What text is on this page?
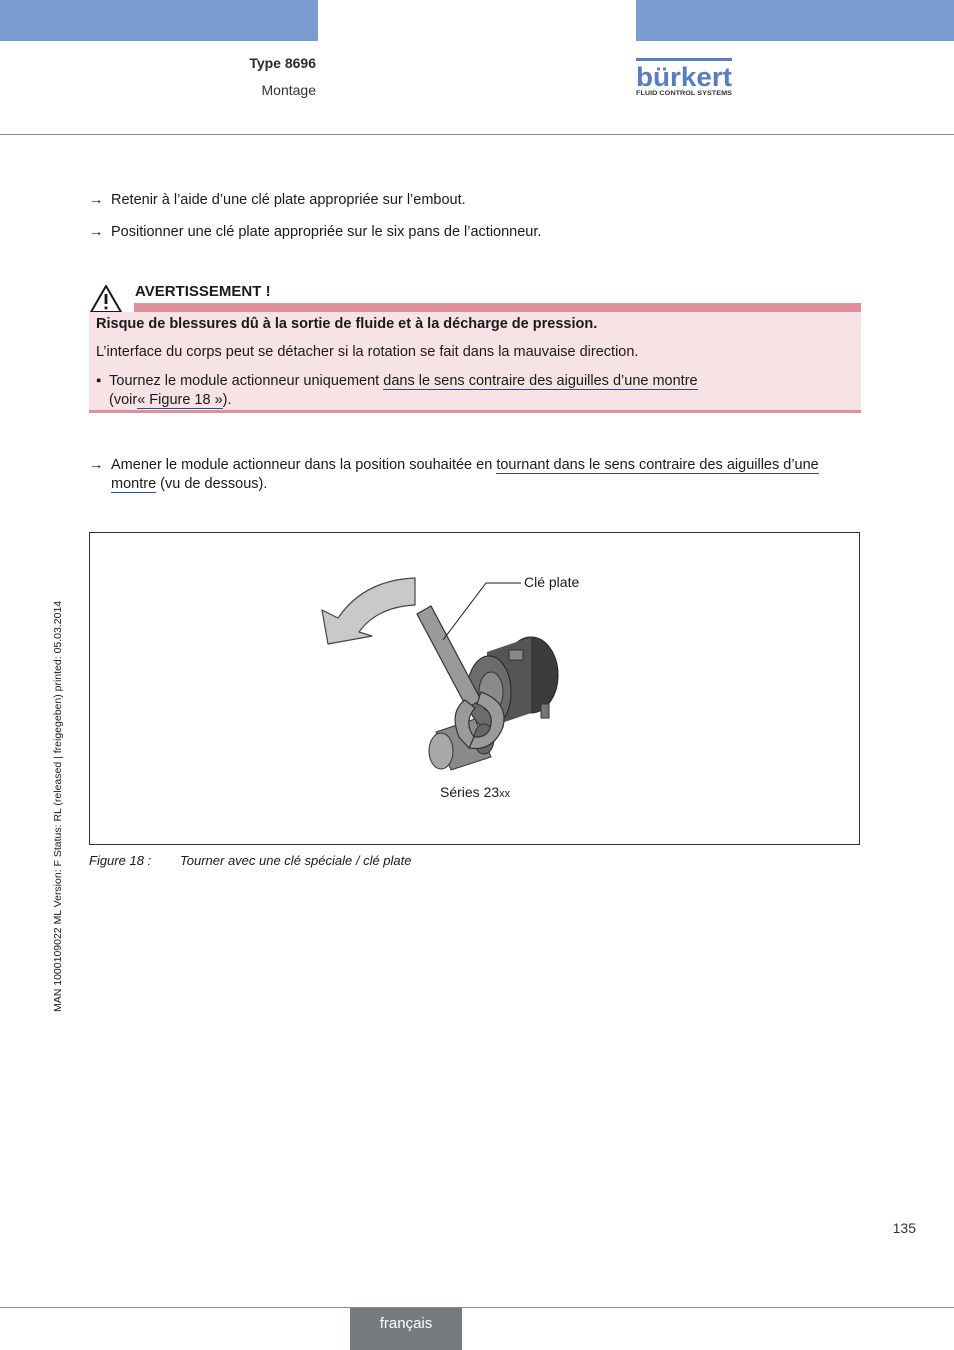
Type 8696
Montage	bürkert
FLUID CONTROL SYSTEMS
→ Retenir à l’aide d’une clé plate appropriée sur l’embout.
→ Positionner une clé plate appropriée sur le six pans de l’actionneur.
AVERTISSEMENT !

Risque de blessures dû à la sortie de fluide et à la décharge de pression.

L’interface du corps peut se détacher si la rotation se fait dans la mauvaise direction.

▪ Tournez le module actionneur uniquement dans le sens contraire des aiguilles d’une montre

(voir« Figure 18 »).

→ Amener le module actionneur dans la position souhaitée en tournant dans le sens contraire des aiguilles d’une
montre (vu de dessous).
Clé plate
Séries 23xx
Figure 18 : Tourner avec une clé spéciale / clé plate
MAN 1000109022 ML Version: F Status: RL (released | freigegeben) printed: 05.03.2014
135
français
